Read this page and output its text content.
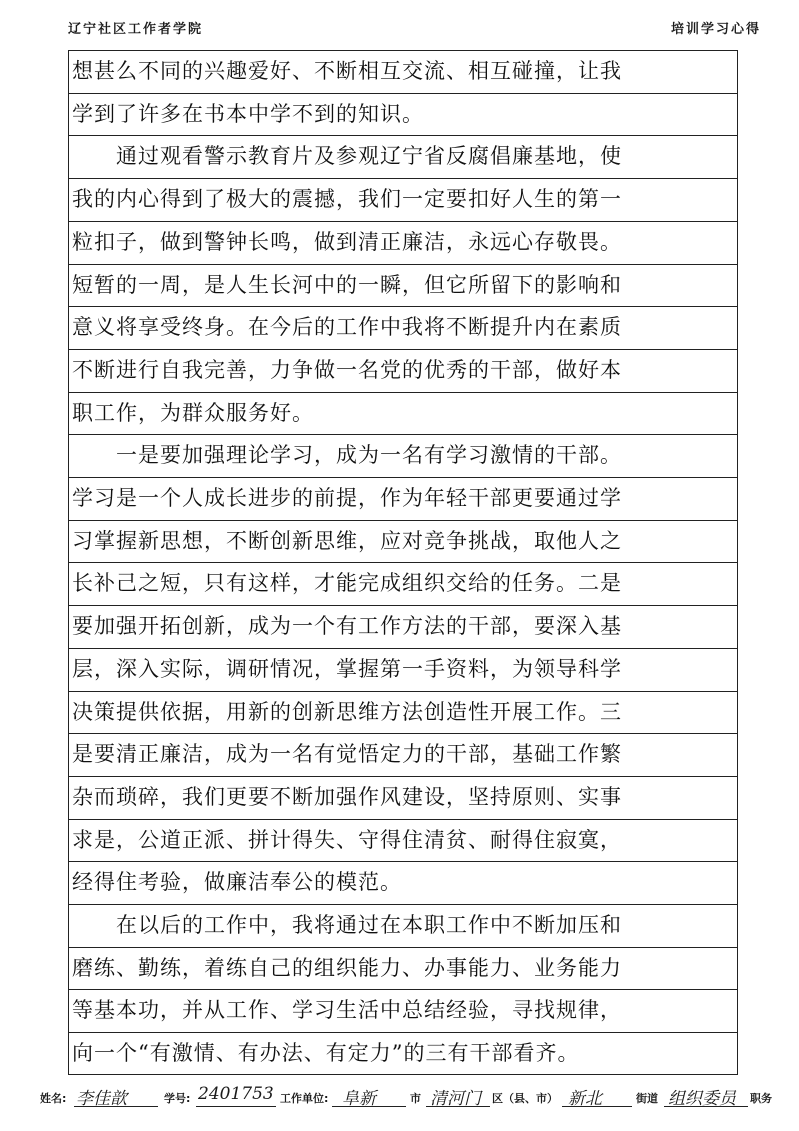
辽宁社区工作者学院	培训学习心得
想甚么不同的兴趣爱好、不断相互交流、相互碰撞，让我
学到了许多在书本中学不到的知识。
　　通过观看警示教育片及参观辽宁省反腐倡廉基地，使
我的内心得到了极大的震撼，我们一定要扣好人生的第一
粒扣子，做到警钟长鸣，做到清正廉洁，永远心存敬畏。
短暂的一周，是人生长河中的一瞬，但它所留下的影响和
意义将享受终身。在今后的工作中我将不断提升内在素质
不断进行自我完善，力争做一名党的优秀的干部，做好本
职工作，为群众服务好。
　　一是要加强理论学习，成为一名有学习激情的干部。
学习是一个人成长进步的前提，作为年轻干部更要通过学
习掌握新思想，不断创新思维，应对竞争挑战，取他人之
长补己之短，只有这样，才能完成组织交给的任务。二是
要加强开拓创新，成为一个有工作方法的干部，要深入基
层，深入实际，调研情况，掌握第一手资料，为领导科学
决策提供依据，用新的创新思维方法创造性开展工作。三
是要清正廉洁，成为一名有觉悟定力的干部，基础工作繁
杂而琐碎，我们更要不断加强作风建设，坚持原则、实事
求是，公道正派、拼计得失、守得住清贫、耐得住寂寞，
经得住考验，做廉洁奉公的模范。
　　在以后的工作中，我将通过在本职工作中不断加压和
磨练、勤练，着练自己的组织能力、办事能力、业务能力
等基本功，并从工作、学习生活中总结经验，寻找规律，
向一个“有激情、有办法、有定力”的三有干部看齐。
姓名: 李佳歆	学号: 2401753 工作单位: 阜新	市 清河门 区（县、市） 新北	街道 组织委员 职务
